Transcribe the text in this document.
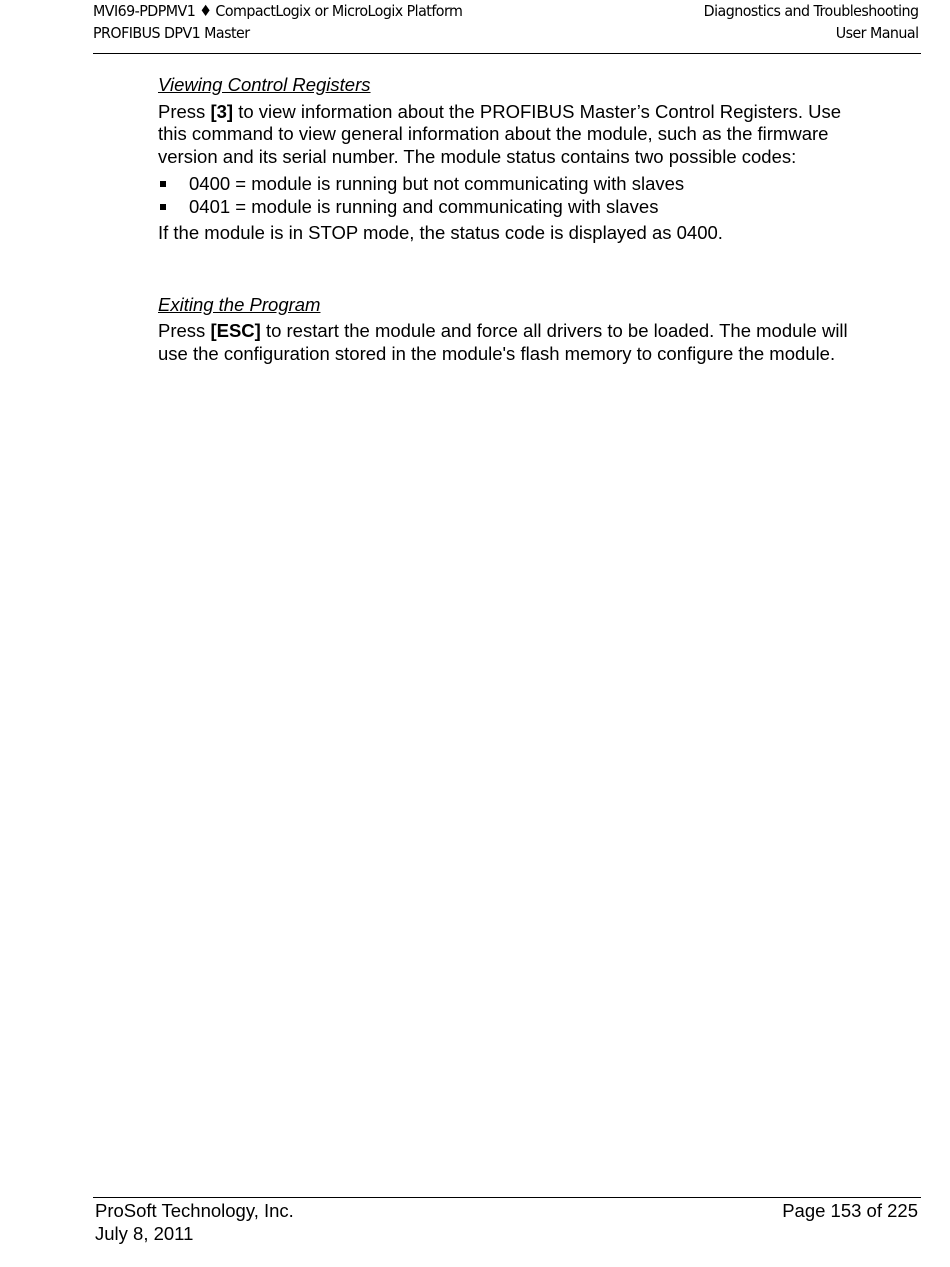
MVI69-PDPMV1 ♦ CompactLogix or MicroLogix Platform
PROFIBUS DPV1 Master
Diagnostics and Troubleshooting
User Manual
Viewing Control Registers

Press [3] to view information about the PROFIBUS Master’s Control Registers. Use this command to view general information about the module, such as the firmware version and its serial number. The module status contains two possible codes:

0400 = module is running but not communicating with slaves
0401 = module is running and communicating with slaves

If the module is in STOP mode, the status code is displayed as 0400.

Exiting the Program

Press [ESC] to restart the module and force all drivers to be loaded. The module will use the configuration stored in the module's flash memory to configure the module.

ProSoft Technology, Inc.
July 8, 2011
Page 153 of 225
